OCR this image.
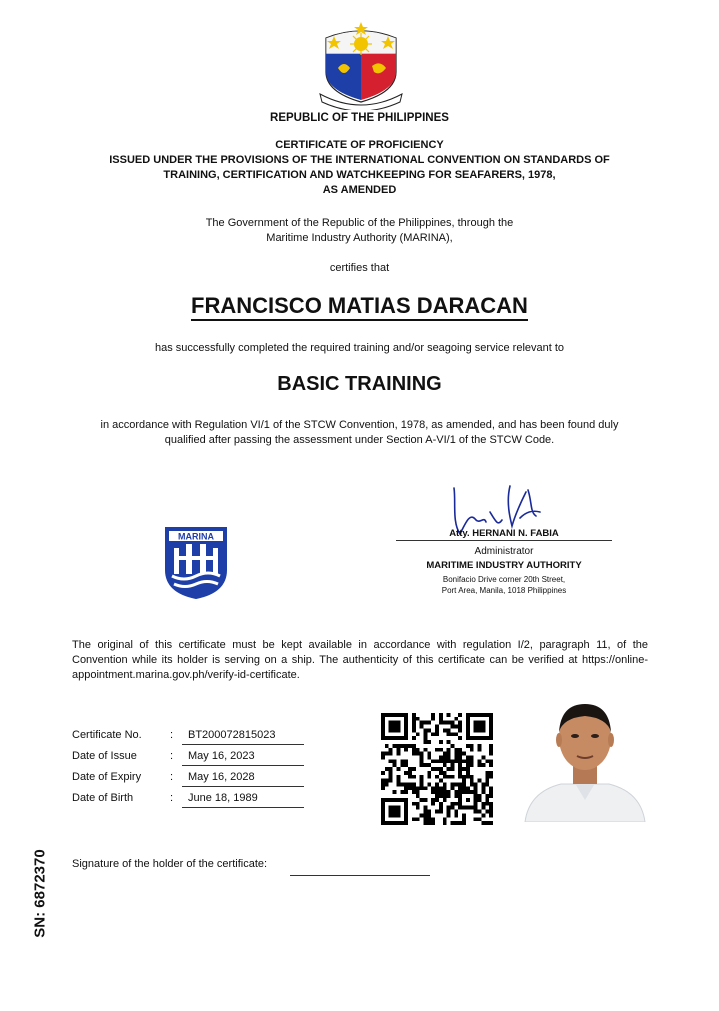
REPUBLIC OF THE PHILIPPINES
CERTIFICATE OF PROFICIENCY
ISSUED UNDER THE PROVISIONS OF THE INTERNATIONAL CONVENTION ON STANDARDS OF
TRAINING, CERTIFICATION AND WATCHKEEPING FOR SEAFARERS, 1978,
AS AMENDED
The Government of the Republic of the Philippines, through the
Maritime Industry Authority (MARINA),
certifies that
FRANCISCO MATIAS DARACAN
has successfully completed the required training and/or seagoing service relevant to
BASIC TRAINING
in accordance with Regulation VI/1 of the STCW Convention, 1978, as amended, and has been found duly
qualified after passing the assessment under Section A-VI/1 of the STCW Code.
MARINA	Atty. HERNANI N. FABIA
Administrator
MARITIME INDUSTRY AUTHORITY
Bonifacio Drive corner 20th Street,
Port Area, Manila, 1018 Philippines
The original of this certificate must be kept available in accordance with regulation I/2, paragraph 11, of the Convention while its holder is serving on a ship. The authenticity of this certificate can be verified at https://online-appointment.marina.gov.ph/verify-id-certificate.
Certificate No.	: BT200072815023
Date of Issue	: May 16, 2023
Date of Expiry	: May 16, 2028
Date of Birth	: June 18, 1989
Signature of the holder of the certificate:
SN: 6872370
